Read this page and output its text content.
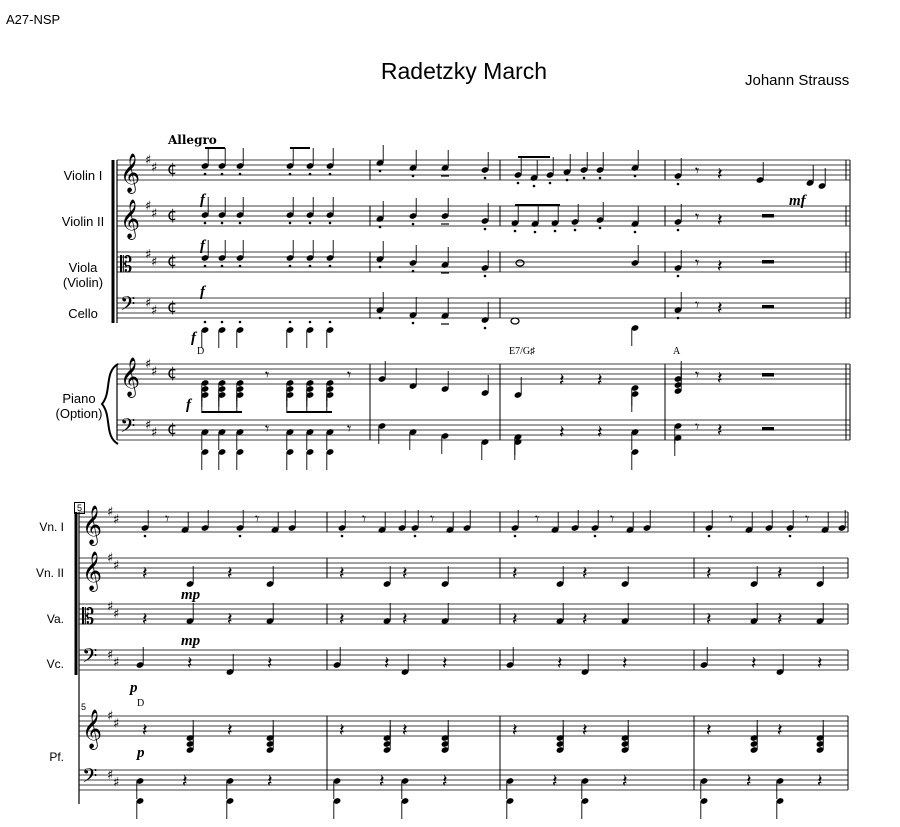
A27-NSP
Radetzky March	Johann Strauss
Allegro
Violin I
Violin II
Viola
(Violin)
Cello
Piano
(Option)
Vn. I
Vn. II
Va.
Vc.
Pf.
D	E7/G♯	A
D
f
f
f
f
f
mf
mp
mp
p
p
5
5
𝄞 ♯ ♯ ¢
𝄞 ♯ ♯ ¢
𝄡 ♯ ♯ ¢
𝄢 ♯ ♯ ¢
𝄞 ♯ ♯ ¢
𝄢 ♯ ♯ ¢
𝄾 𝄽
𝄾 𝄽
𝄾 𝄽
𝄾 𝄽
𝄾	𝄾	𝄽 𝄽	𝄾 𝄽
𝄾	𝄾	𝄽 𝄽	𝄾 𝄽
𝄞 ♯ ♯
𝄞 ♯ ♯
𝄡 ♯ ♯
𝄢 ♯ ♯
𝄞 ♯ ♯
𝄢 ♯ ♯
𝄾	𝄾
𝄽	𝄽
𝄽	𝄽
𝄽	𝄽
𝄽	𝄽
𝄽	𝄽
𝄾	𝄾
𝄽	𝄽
𝄽	𝄽
𝄽	𝄽
𝄽	𝄽
𝄽	𝄽
𝄾	𝄾
𝄽	𝄽
𝄽	𝄽
𝄽	𝄽
𝄽	𝄽
𝄽	𝄽
𝄾	𝄾
𝄽	𝄽
𝄽	𝄽
𝄽	𝄽
𝄽	𝄽
𝄽	𝄽
